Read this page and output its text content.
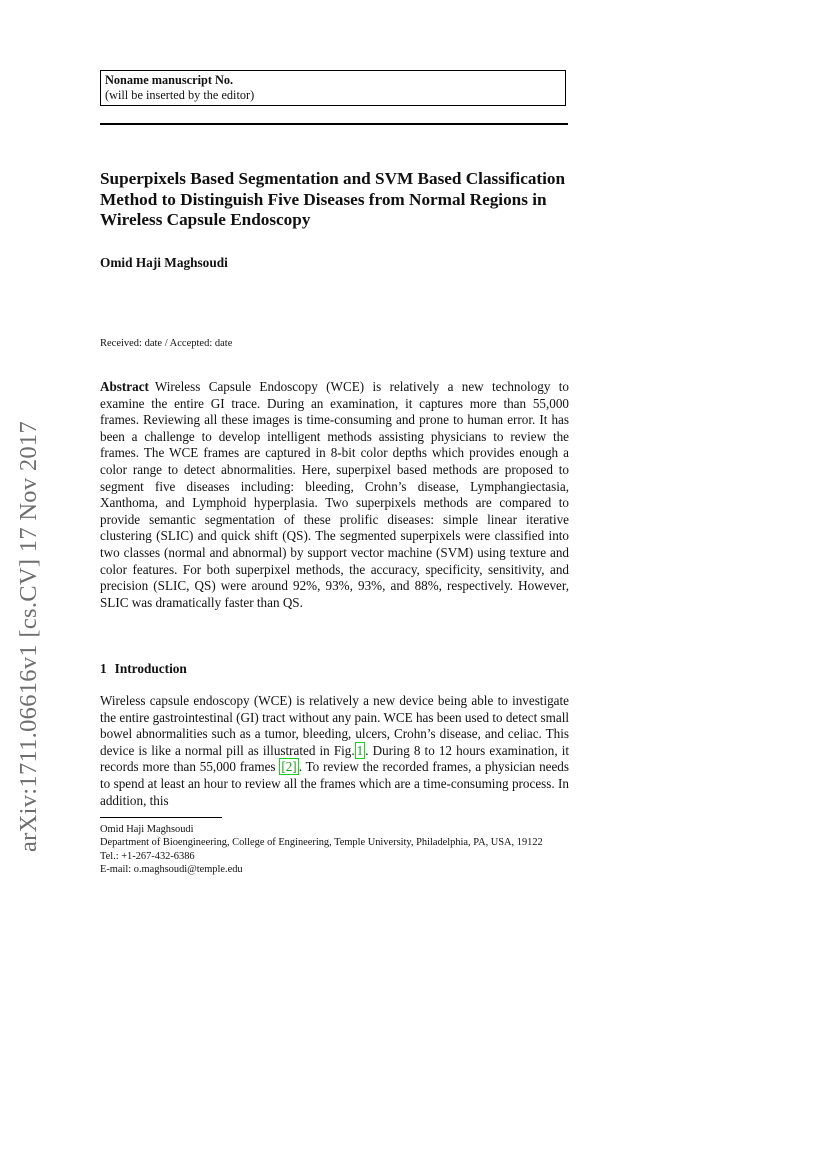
Noname manuscript No.
(will be inserted by the editor)
Superpixels Based Segmentation and SVM Based Classification Method to Distinguish Five Diseases from Normal Regions in Wireless Capsule Endoscopy
Omid Haji Maghsoudi
Received: date / Accepted: date

Abstract Wireless Capsule Endoscopy (WCE) is relatively a new technology to examine the entire GI trace. During an examination, it captures more than 55,000 frames. Reviewing all these images is time-consuming and prone to human error. It has been a challenge to develop intelligent methods assisting physicians to review the frames. The WCE frames are captured in 8-bit color depths which provides enough a color range to detect abnormalities. Here, superpixel based methods are proposed to segment five diseases including: bleeding, Crohn’s disease, Lymphangiectasia, Xanthoma, and Lymphoid hyperplasia. Two superpixels methods are compared to provide semantic segmentation of these prolific diseases: simple linear iterative clustering (SLIC) and quick shift (QS). The segmented superpixels were classified into two classes (normal and abnormal) by support vector machine (SVM) using texture and color features. For both superpixel methods, the accuracy, specificity, sensitivity, and precision (SLIC, QS) were around 92%, 93%, 93%, and 88%, respectively. However, SLIC was dramatically faster than QS.

1 Introduction

Wireless capsule endoscopy (WCE) is relatively a new device being able to investigate the entire gastrointestinal (GI) tract without any pain. WCE has been used to detect small bowel abnormalities such as a tumor, bleeding, ulcers, Crohn’s disease, and celiac. This device is like a normal pill as illustrated in Fig. 1 . During 8 to 12 hours examination, it records more than 55,000 frames [2] . To review the recorded frames, a physician needs to spend at least an hour to review all the frames which are a time-consuming process. In addition, this

Omid Haji Maghsoudi
Department of Bioengineering, College of Engineering, Temple University, Philadelphia, PA, USA, 19122
Tel.: +1-267-432-6386
E-mail: o.maghsoudi@temple.edu
arXiv:1711.06616v1 [cs.CV] 17 Nov 2017
